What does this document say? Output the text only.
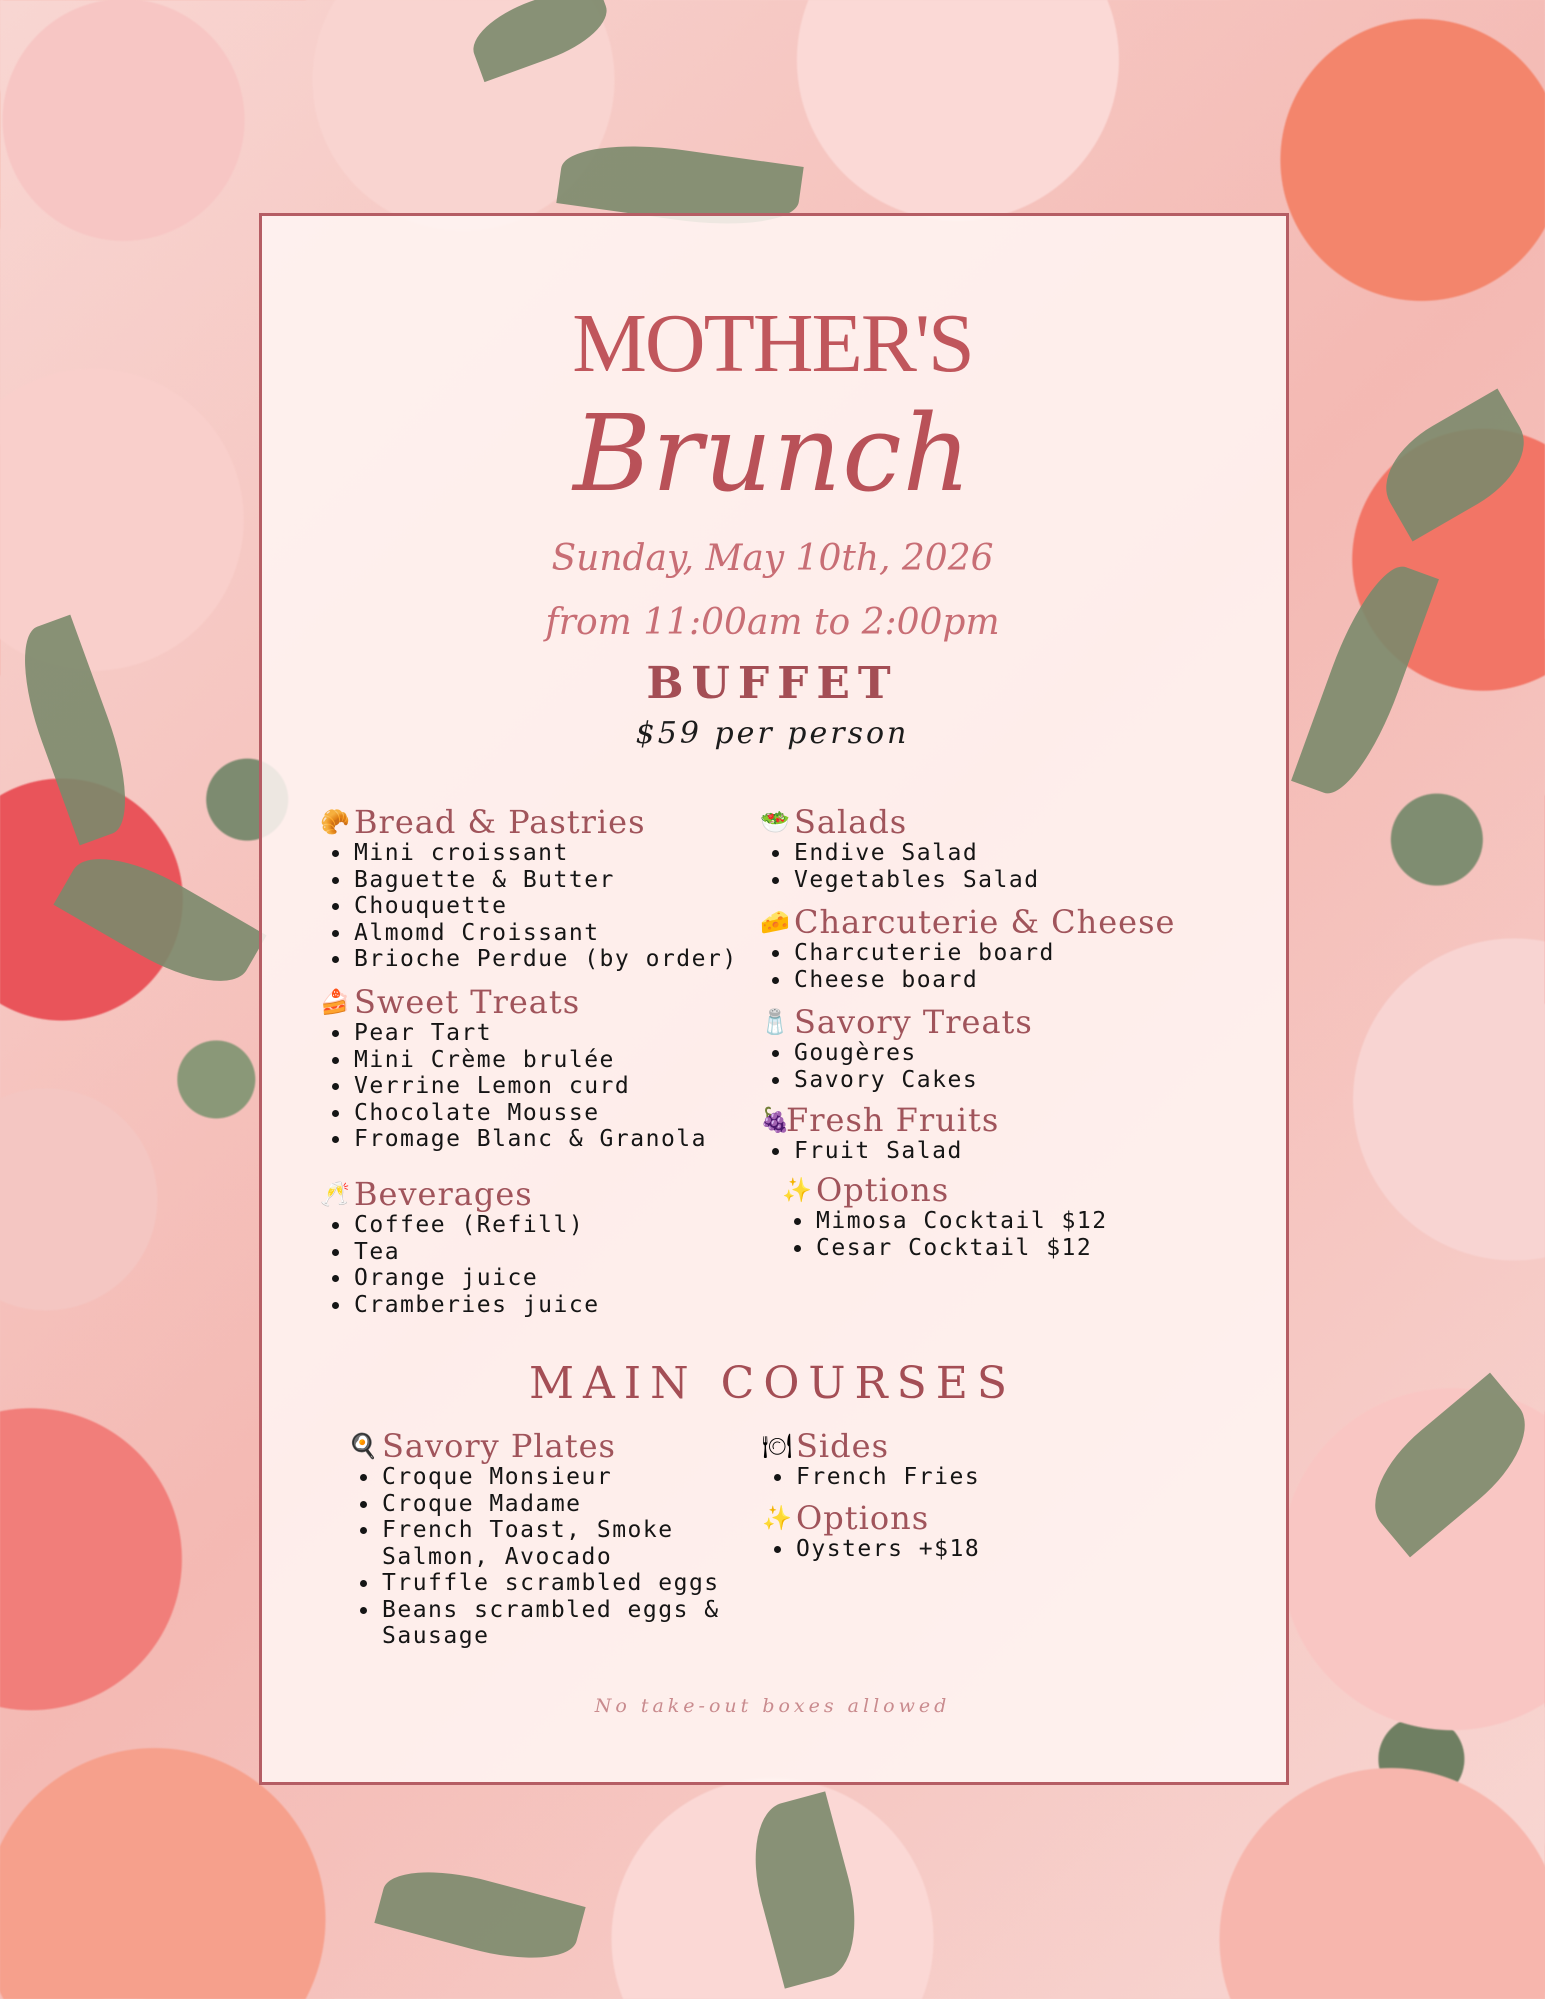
MOTHER'S
Brunch
Sunday, May 10th, 2026
from 11:00am to 2:00pm
BUFFET
$59 per person
🥐 Bread & Pastries
Mini croissant
Baguette & Butter
Chouquette
Almomd Croissant
Brioche Perdue (by order)
🍰 Sweet Treats
Pear Tart
Mini Crème brulée
Verrine Lemon curd
Chocolate Mousse
Fromage Blanc & Granola
🥂 Beverages
Coffee (Refill)
Tea
Orange juice
Cramberies juice
🥗 Salads
Endive Salad
Vegetables Salad
🧀 Charcuterie & Cheese
Charcuterie board
Cheese board
🧂 Savory Treats
Gougères
Savory Cakes
🍇
Fresh Fruits
Fruit Salad
✨ Options
Mimosa Cocktail $12
Cesar Cocktail $12
MAIN COURSES
🍳 Savory Plates
Croque Monsieur
Croque Madame
French Toast, Smoke Salmon, Avocado
Truffle scrambled eggs
Beans scrambled eggs & Sausage
🍽 Sides
French Fries
✨ Options
Oysters +$18
No take-out boxes allowed
